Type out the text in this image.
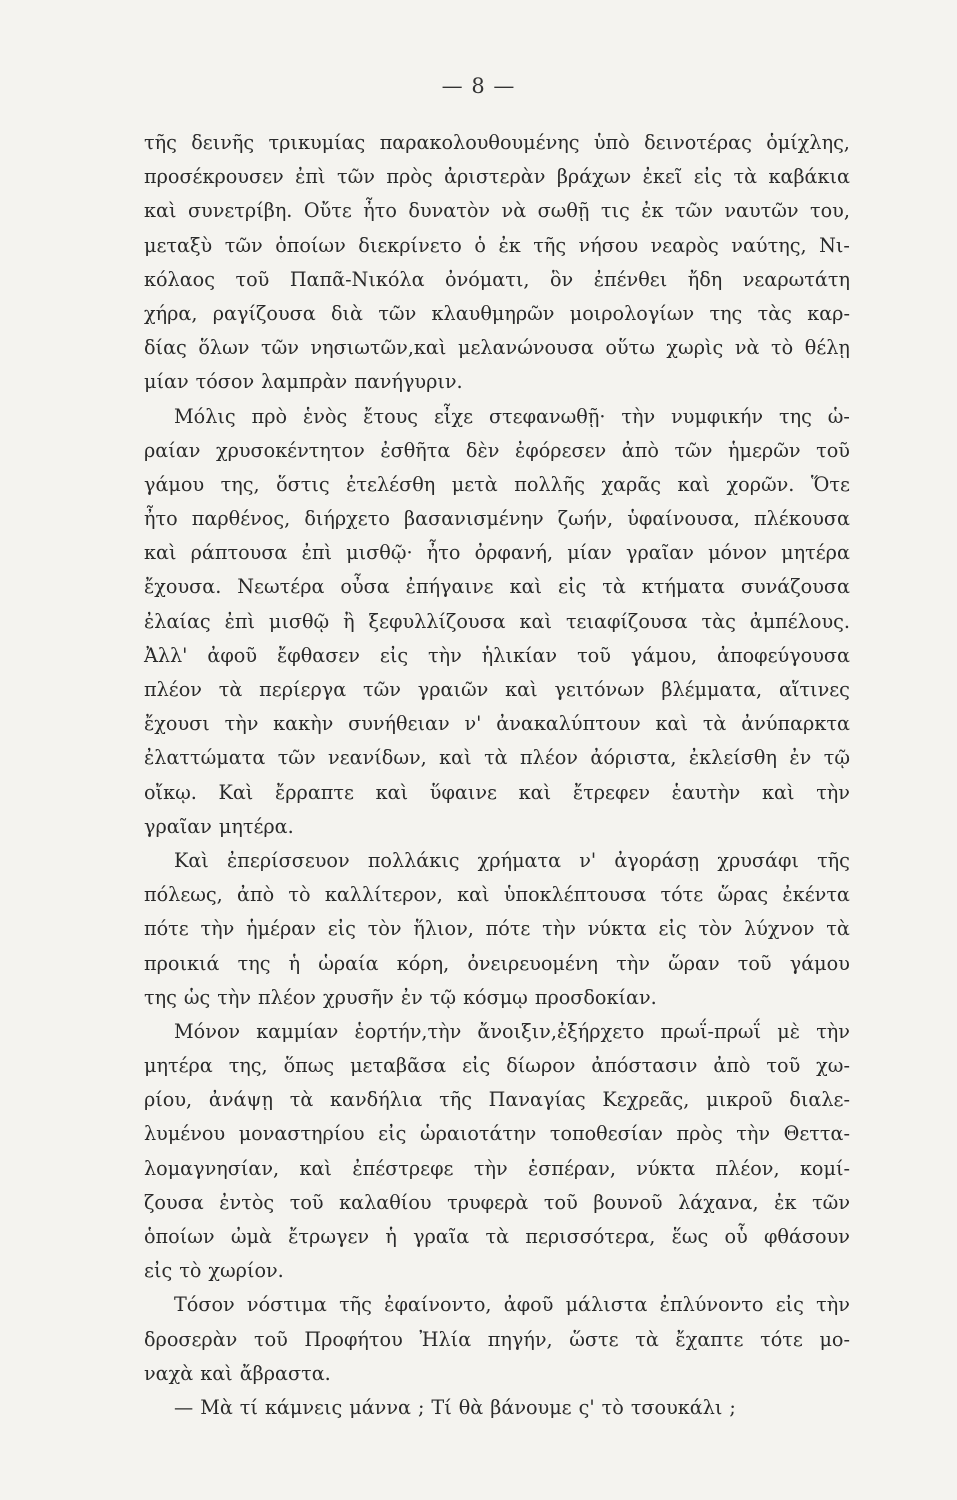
— 8 —
τῆς δεινῆς τρικυμίας παρακολουθουμένης ὑπὸ δεινοτέρας ὁμίχλης,
προσέκρουσεν ἐπὶ τῶν πρὸς ἀριστερὰν βράχων ἐκεῖ εἰς τὰ καβάκια
καὶ συνετρίβη. Οὔτε ἦτο δυνατὸν νὰ σωθῇ τις ἐκ τῶν ναυτῶν του,
μεταξὺ τῶν ὁποίων διεκρίνετο ὁ ἐκ τῆς νήσου νεαρὸς ναύτης, Νι-
κόλαος τοῦ Παπᾶ-Νικόλα ὀνόματι, ὃν ἐπένθει ἤδη νεαρωτάτη
χήρα, ραγίζουσα διὰ τῶν κλαυθμηρῶν μοιρολογίων της τὰς καρ-
δίας ὅλων τῶν νησιωτῶν,καὶ μελανώνουσα οὕτω χωρὶς νὰ τὸ θέλῃ
μίαν τόσον λαμπρὰν πανήγυριν.
Μόλις πρὸ ἑνὸς ἔτους εἶχε στεφανωθῇ· τὴν νυμφικήν της ὡ-
ραίαν χρυσοκέντητον ἐσθῆτα δὲν ἐφόρεσεν ἀπὸ τῶν ἡμερῶν τοῦ
γάμου της, ὅστις ἐτελέσθη μετὰ πολλῆς χαρᾶς καὶ χορῶν. Ὅτε
ἦτο παρθένος, διήρχετο βασανισμένην ζωήν, ὑφαίνουσα, πλέκουσα
καὶ ράπτουσα ἐπὶ μισθῷ· ἦτο ὀρφανή, μίαν γραῖαν μόνον μητέρα
ἔχουσα. Νεωτέρα οὖσα ἐπήγαινε καὶ εἰς τὰ κτήματα συνάζουσα
ἐλαίας ἐπὶ μισθῷ ἢ ξεφυλλίζουσα καὶ τειαφίζουσα τὰς ἀμπέλους.
Ἀλλ' ἀφοῦ ἔφθασεν εἰς τὴν ἡλικίαν τοῦ γάμου, ἀποφεύγουσα
πλέον τὰ περίεργα τῶν γραιῶν καὶ γειτόνων βλέμματα, αἵτινες
ἔχουσι τὴν κακὴν συνήθειαν ν' ἀνακαλύπτουν καὶ τὰ ἀνύπαρκτα
ἐλαττώματα τῶν νεανίδων, καὶ τὰ πλέον ἀόριστα, ἐκλείσθη ἐν τῷ
οἴκῳ. Καὶ ἔρραπτε καὶ ὕφαινε καὶ ἔτρεφεν ἑαυτὴν καὶ τὴν
γραῖαν μητέρα.
Καὶ ἐπερίσσευον πολλάκις χρήματα ν' ἀγοράσῃ χρυσάφι τῆς
πόλεως, ἀπὸ τὸ καλλίτερον, καὶ ὑποκλέπτουσα τότε ὥρας ἐκέντα
πότε τὴν ἡμέραν εἰς τὸν ἥλιον, πότε τὴν νύκτα εἰς τὸν λύχνον τὰ
προικιά της ἡ ὡραία κόρη, ὀνειρευομένη τὴν ὥραν τοῦ γάμου
της ὡς τὴν πλέον χρυσῆν ἐν τῷ κόσμῳ προσδοκίαν.
Μόνον καμμίαν ἑορτήν,τὴν ἄνοιξιν,ἐξήρχετο πρωΐ-πρωΐ μὲ τὴν
μητέρα της, ὅπως μεταβᾶσα εἰς δίωρον ἀπόστασιν ἀπὸ τοῦ χω-
ρίου, ἀνάψῃ τὰ κανδήλια τῆς Παναγίας Κεχρεᾶς, μικροῦ διαλε-
λυμένου μοναστηρίου εἰς ὡραιοτάτην τοποθεσίαν πρὸς τὴν Θεττα-
λομαγνησίαν, καὶ ἐπέστρεφε τὴν ἑσπέραν, νύκτα πλέον, κομί-
ζουσα ἐντὸς τοῦ καλαθίου τρυφερὰ τοῦ βουνοῦ λάχανα, ἐκ τῶν
ὁποίων ὠμὰ ἔτρωγεν ἡ γραῖα τὰ περισσότερα, ἕως οὗ φθάσουν
εἰς τὸ χωρίον.
Τόσον νόστιμα τῆς ἐφαίνοντο, ἀφοῦ μάλιστα ἐπλύνοντο εἰς τὴν
δροσερὰν τοῦ Προφήτου Ἠλία πηγήν, ὥστε τὰ ἔχαπτε τότε μο-
ναχὰ καὶ ἄβραστα.
— Μὰ τί κάμνεις μάννα ; Τί θὰ βάνουμε ς' τὸ τσουκάλι ;
